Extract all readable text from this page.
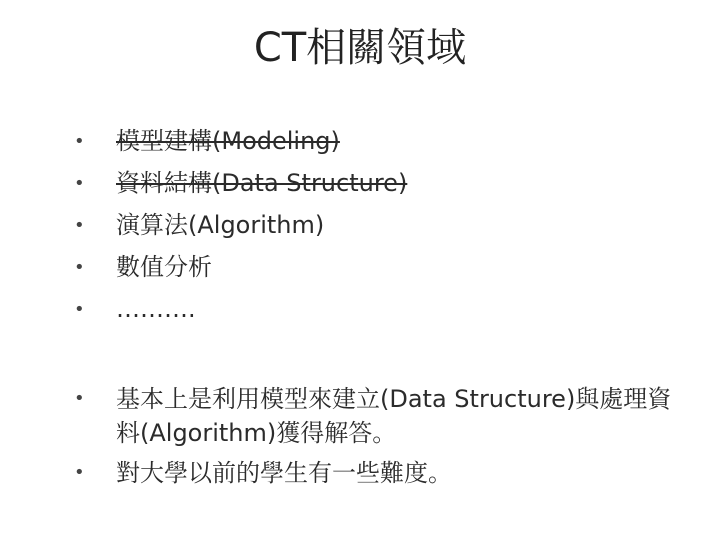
CT相關領域
• 模型建構(Modeling)
• 資料結構(Data Structure)
• 演算法(Algorithm)
• 數值分析
• ……….
• 基本上是利用模型來建立(Data Structure)與處理資料(Algorithm)獲得解答。
• 對大學以前的學生有一些難度。
